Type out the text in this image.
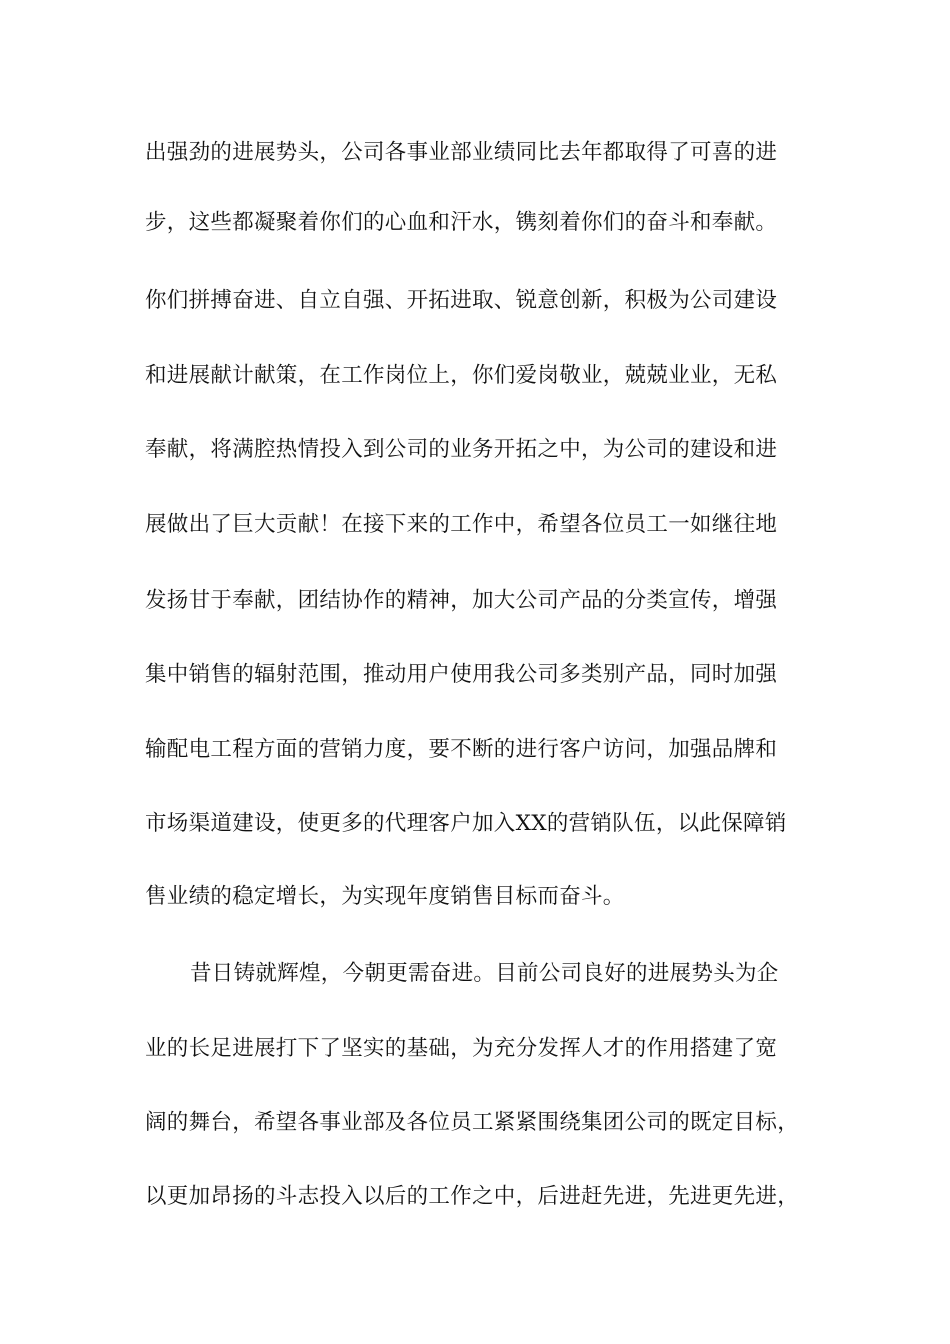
出强劲的进展势头，公司各事业部业绩同比去年都取得了可喜的进
步，这些都凝聚着你们的心血和汗水，镌刻着你们的奋斗和奉献。
你们拼搏奋进、自立自强、开拓进取、锐意创新，积极为公司建设
和进展献计献策，在工作岗位上，你们爱岗敬业，兢兢业业，无私
奉献，将满腔热情投入到公司的业务开拓之中，为公司的建设和进
展做出了巨大贡献！在接下来的工作中，希望各位员工一如继往地
发扬甘于奉献，团结协作的精神，加大公司产品的分类宣传，增强
集中销售的辐射范围，推动用户使用我公司多类别产品，同时加强
输配电工程方面的营销力度，要不断的进行客户访问，加强品牌和
市场渠道建设，使更多的代理客户加入XX的营销队伍，以此保障销
售业绩的稳定增长，为实现年度销售目标而奋斗。
昔日铸就辉煌，今朝更需奋进。目前公司良好的进展势头为企
业的长足进展打下了坚实的基础，为充分发挥人才的作用搭建了宽
阔的舞台，希望各事业部及各位员工紧紧围绕集团公司的既定目标，
以更加昂扬的斗志投入以后的工作之中，后进赶先进，先进更先进，
